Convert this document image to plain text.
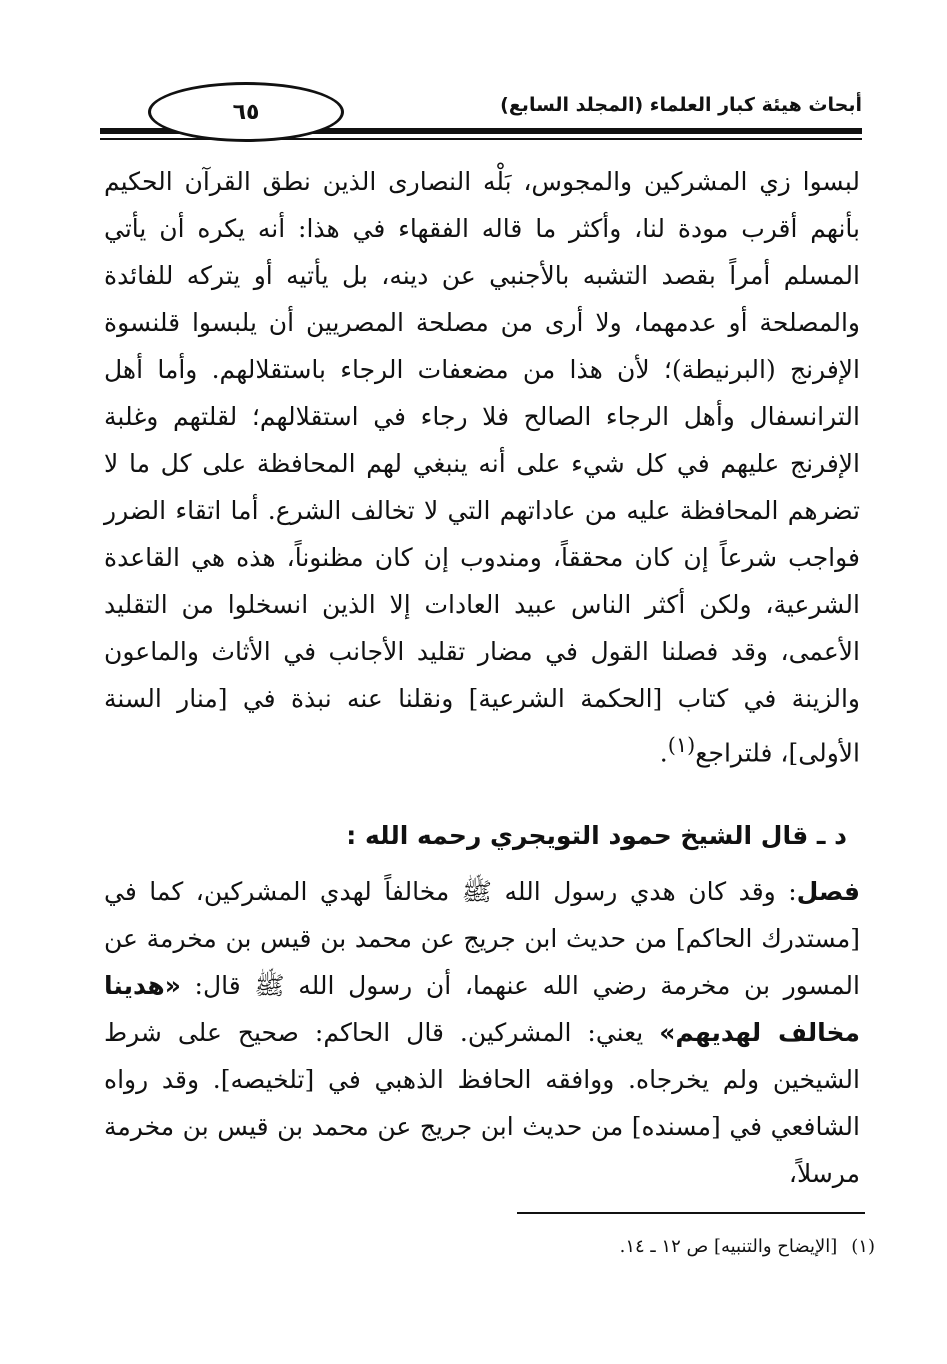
٦٥	أبحاث هيئة كبار العلماء (المجلد السابع)
لبسوا زي المشركين والمجوس، بَلْه النصارى الذين نطق القرآن الحكيم بأنهم أقرب مودة لنا، وأكثر ما قاله الفقهاء في هذا: أنه يكره أن يأتي المسلم أمراً بقصد التشبه بالأجنبي عن دينه، بل يأتيه أو يتركه للفائدة والمصلحة أو عدمهما، ولا أرى من مصلحة المصريين أن يلبسوا قلنسوة الإفرنج (البرنيطة)؛ لأن هذا من مضعفات الرجاء باستقلالهم. وأما أهل الترانسفال وأهل الرجاء الصالح فلا رجاء في استقلالهم؛ لقلتهم وغلبة الإفرنج عليهم في كل شيء على أنه ينبغي لهم المحافظة على كل ما لا تضرهم المحافظة عليه من عاداتهم التي لا تخالف الشرع. أما اتقاء الضرر فواجب شرعاً إن كان محققاً، ومندوب إن كان مظنوناً، هذه هي القاعدة الشرعية، ولكن أكثر الناس عبيد العادات إلا الذين انسخلوا من التقليد الأعمى، وقد فصلنا القول في مضار تقليد الأجانب في الأثاث والماعون والزينة في كتاب [الحكمة الشرعية] ونقلنا عنه نبذة في [منار السنة الأولى]، فلتراجع$^{(١)}$.
د ـ قال الشيخ حمود التويجري رحمه الله :
فصل: وقد كان هدي رسول الله ﷺ مخالفاً لهدي المشركين، كما في [مستدرك الحاكم] من حديث ابن جريج عن محمد بن قيس بن مخرمة عن المسور بن مخرمة رضي الله عنهما، أن رسول الله ﷺ قال: «هدينا مخالف لهديهم» يعني: المشركين. قال الحاكم: صحيح على شرط الشيخين ولم يخرجاه. ووافقه الحافظ الذهبي في [تلخيصه]. وقد رواه الشافعي في [مسنده] من حديث ابن جريج عن محمد بن قيس بن مخرمة مرسلاً،
(١)[الإيضاح والتنبيه] ص ١٢ ـ ١٤.
